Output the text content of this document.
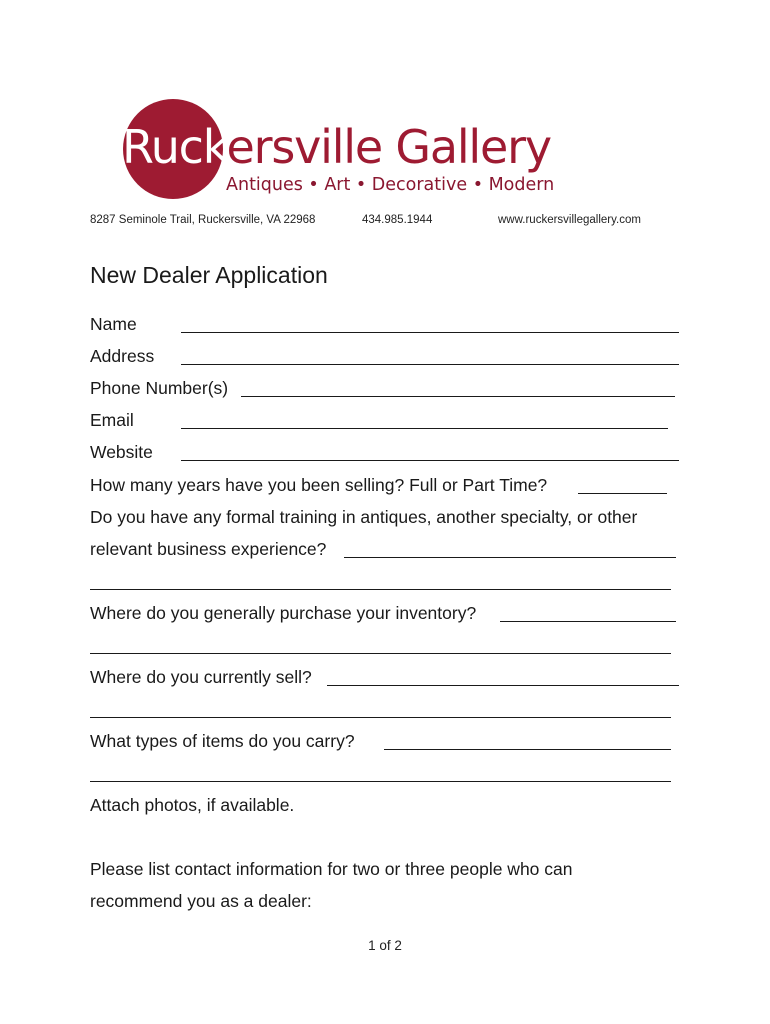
Ruckersville Gallery
Antiques • Art • Decorative • Modern
8287 Seminole Trail, Ruckersville, VA 22968	434.985.1944	www.ruckersvillegallery.com
New Dealer Application
Name
Address
Phone Number(s)
Email
Website
How many years have you been selling? Full or Part Time?
Do you have any formal training in antiques, another specialty, or other
relevant business experience?
Where do you generally purchase your inventory?
Where do you currently sell?
What types of items do you carry?
Attach photos, if available.
Please list contact information for two or three people who can
recommend you as a dealer:
1 of 2
